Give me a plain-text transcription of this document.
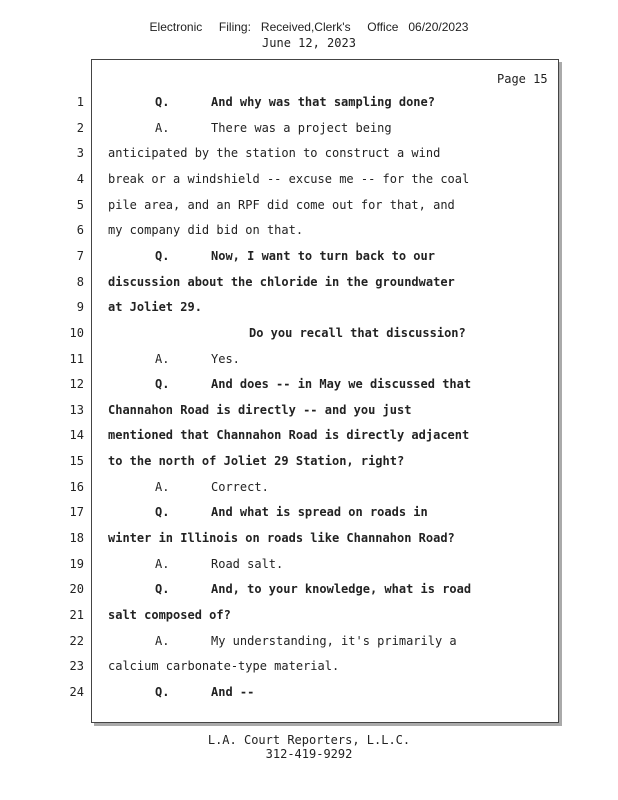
Electronic     Filing:   Received,Clerk's     Office   06/20/2023
June 12, 2023
Page 15
1	Q.	And why was that sampling done?
2	A.	There was a project being
3 anticipated by the station to construct a wind
4 break or a windshield -- excuse me -- for the coal
5 pile area, and an RPF did come out for that, and
6 my company did bid on that.
7	Q.	Now, I want to turn back to our
8 discussion about the chloride in the groundwater
9 at Joliet 29.
10	Do you recall that discussion?
11	A.	Yes.
12	Q.	And does -- in May we discussed that
13 Channahon Road is directly -- and you just
14 mentioned that Channahon Road is directly adjacent
15 to the north of Joliet 29 Station, right?
16	A.	Correct.
17	Q.	And what is spread on roads in
18 winter in Illinois on roads like Channahon Road?
19	A.	Road salt.
20	Q.	And, to your knowledge, what is road
21 salt composed of?
22	A.	My understanding, it's primarily a
23 calcium carbonate-type material.
24	Q.	And --
L.A. Court Reporters, L.L.C.
312-419-9292
